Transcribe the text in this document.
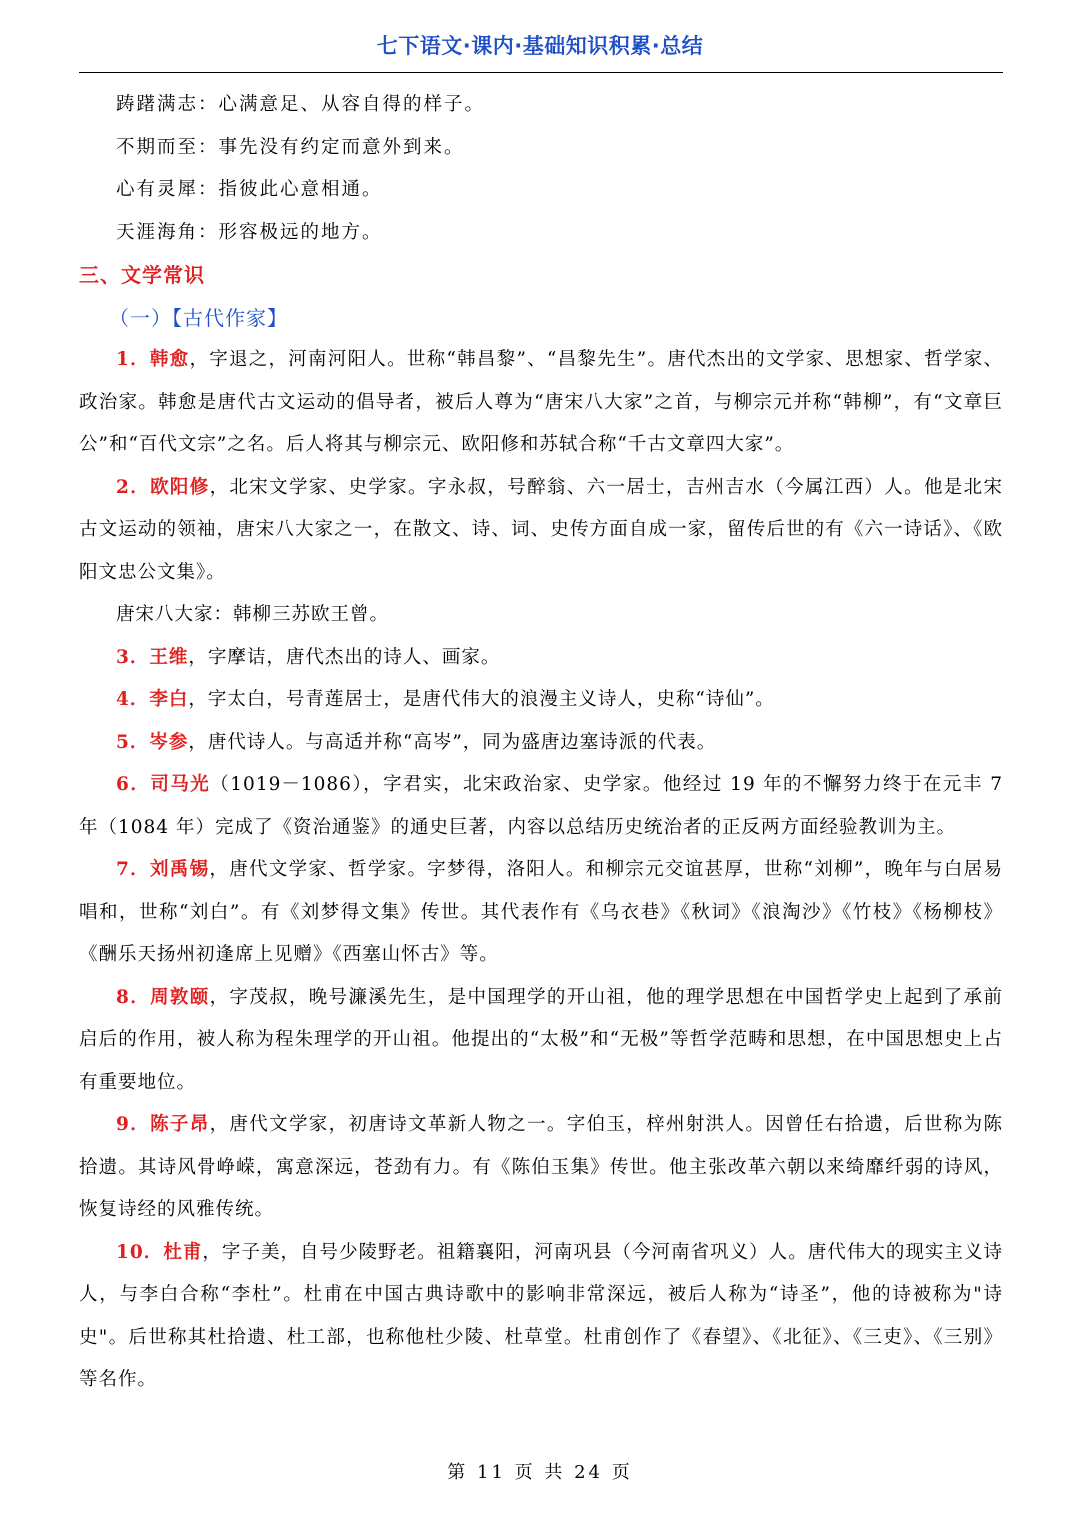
七下语文·课内·基础知识积累·总结

踌躇满志：心满意足、从容自得的样子。

不期而至：事先没有约定而意外到来。

心有灵犀：指彼此心意相通。

天涯海角：形容极远的地方。

三、文学常识

（一）【古代作家】

1．韩愈，字退之，河南河阳人。世称“韩昌黎”、“昌黎先生”。唐代杰出的文学家、思想家、哲学家、政治家。韩愈是唐代古文运动的倡导者，被后人尊为“唐宋八大家”之首，与柳宗元并称“韩柳”，有“文章巨公”和“百代文宗”之名。后人将其与柳宗元、欧阳修和苏轼合称“千古文章四大家”。

2．欧阳修，北宋文学家、史学家。字永叔，号醉翁、六一居士，吉州吉水（今属江西）人。他是北宋古文运动的领袖，唐宋八大家之一，在散文、诗、词、史传方面自成一家，留传后世的有《六一诗话》、《欧阳文忠公文集》。

唐宋八大家：韩柳三苏欧王曾。

3．王维，字摩诘，唐代杰出的诗人、画家。

4．李白，字太白，号青莲居士，是唐代伟大的浪漫主义诗人，史称“诗仙”。

5．岑参，唐代诗人。与高适并称“高岑”，同为盛唐边塞诗派的代表。

6．司马光（1019－1086），字君实，北宋政治家、史学家。他经过 19 年的不懈努力终于在元丰 7 年（1084 年）完成了《资治通鉴》的通史巨著，内容以总结历史统治者的正反两方面经验教训为主。

7．刘禹锡，唐代文学家、哲学家。字梦得，洛阳人。和柳宗元交谊甚厚，世称“刘柳”，晚年与白居易唱和，世称“刘白”。有《刘梦得文集》传世。其代表作有《乌衣巷》《秋词》《浪淘沙》《竹枝》《杨柳枝》《酬乐天扬州初逢席上见赠》《西塞山怀古》等。

8．周敦颐，字茂叔，晚号濂溪先生，是中国理学的开山祖，他的理学思想在中国哲学史上起到了承前启后的作用，被人称为程朱理学的开山祖。他提出的“太极”和“无极”等哲学范畴和思想，在中国思想史上占有重要地位。

9．陈子昂，唐代文学家，初唐诗文革新人物之一。字伯玉，梓州射洪人。因曾任右拾遗，后世称为陈拾遗。其诗风骨峥嵘，寓意深远，苍劲有力。有《陈伯玉集》传世。他主张改革六朝以来绮靡纤弱的诗风，恢复诗经的风雅传统。

10．杜甫，字子美，自号少陵野老。祖籍襄阳，河南巩县（今河南省巩义）人。唐代伟大的现实主义诗人，与李白合称“李杜”。杜甫在中国古典诗歌中的影响非常深远，被后人称为“诗圣”，他的诗被称为"诗史"。后世称其杜拾遗、杜工部，也称他杜少陵、杜草堂。杜甫创作了《春望》、《北征》、《三吏》、《三别》等名作。

第 11 页 共 24 页
